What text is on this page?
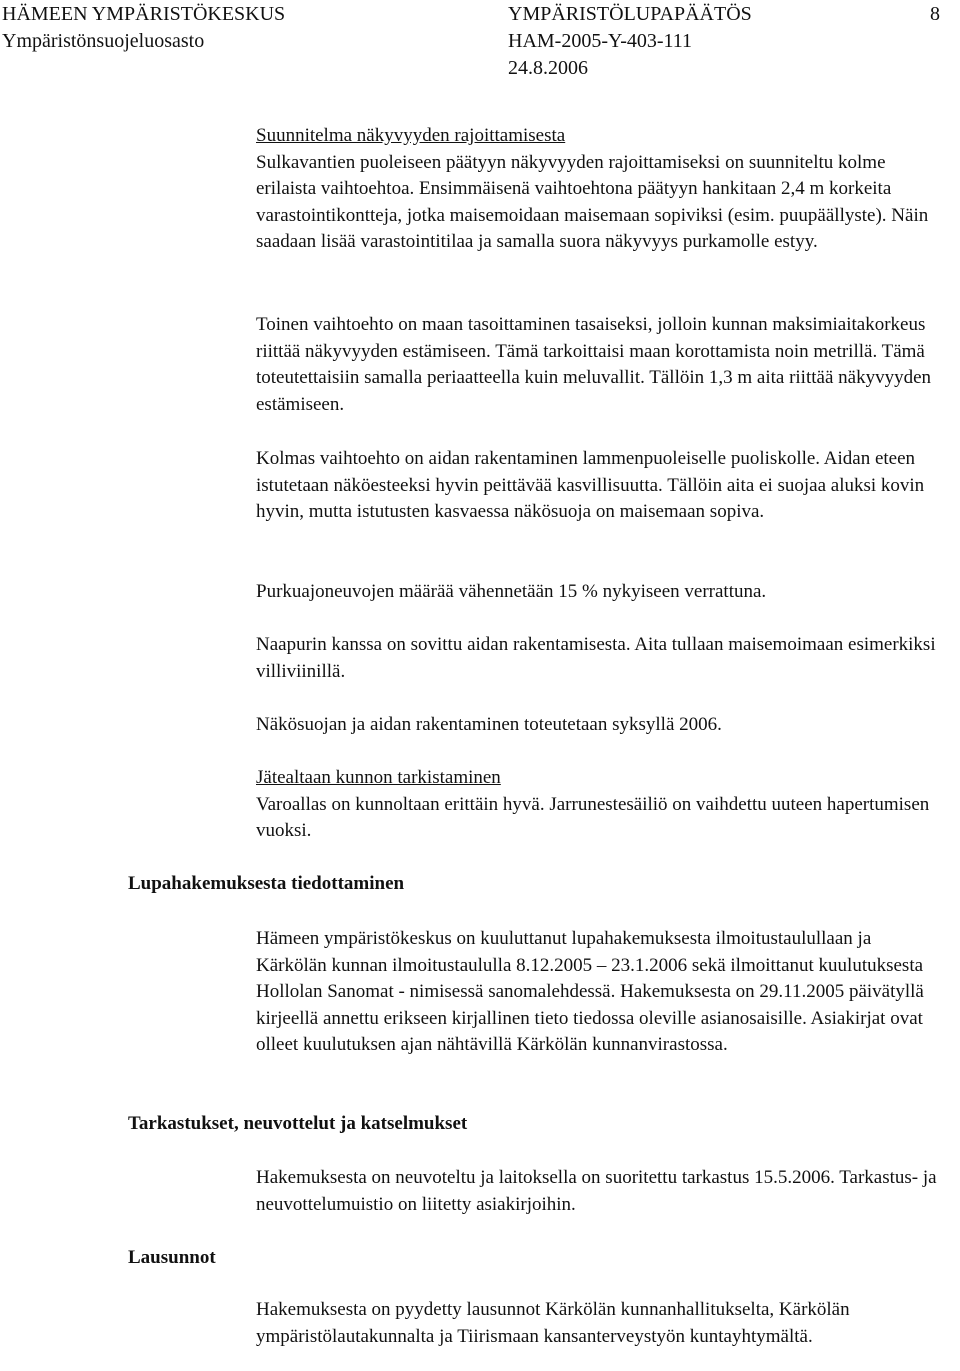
HÄMEEN YMPÄRISTÖKESKUS
Ympäristönsuojeluosasto
YMPÄRISTÖLUPAPÄÄTÖS
HAM-2005-Y-403-111
24.8.2006
8

Suunnitelma näkyvyyden rajoittamisesta

Sulkavantien puoleiseen päätyyn näkyvyyden rajoittamiseksi on suunniteltu kolme erilaista vaihtoehtoa. Ensimmäisenä vaihtoehtona päätyyn hankitaan 2,4 m korkeita varastointikontteja, jotka maisemoidaan maisemaan sopiviksi (esim. puupäällyste). Näin saadaan lisää varastointitilaa ja samalla suora näkyvyys purkamolle estyy.

Toinen vaihtoehto on maan tasoittaminen tasaiseksi, jolloin kunnan maksimiaitakorkeus riittää näkyvyyden estämiseen. Tämä tarkoittaisi maan korottamista noin metrillä. Tämä toteutettaisiin samalla periaatteella kuin meluvallit. Tällöin 1,3 m aita riittää näkyvyyden estämiseen.

Kolmas vaihtoehto on aidan rakentaminen lammenpuoleiselle puoliskolle. Aidan eteen istutetaan näköesteeksi hyvin peittävää kasvillisuutta. Tällöin aita ei suojaa aluksi kovin hyvin, mutta istutusten kasvaessa näkösuoja on maisemaan sopiva.

Purkuajoneuvojen määrää vähennetään 15 % nykyiseen verrattuna.

Naapurin kanssa on sovittu aidan rakentamisesta. Aita tullaan maisemoimaan esimerkiksi villiviinillä.

Näkösuojan ja aidan rakentaminen toteutetaan syksyllä 2006.

Jätealtaan kunnon tarkistaminen

Varoallas on kunnoltaan erittäin hyvä. Jarrunestesäiliö on vaihdettu uuteen hapertumisen vuoksi.

Lupahakemuksesta tiedottaminen

Hämeen ympäristökeskus on kuuluttanut lupahakemuksesta ilmoitustaulullaan ja Kärkölän kunnan ilmoitustaululla 8.12.2005 – 23.1.2006 sekä ilmoittanut kuulutuksesta Hollolan Sanomat - nimisessä sanomalehdessä. Hakemuksesta on 29.11.2005 päivätyllä kirjeellä annettu erikseen kirjallinen tieto tiedossa oleville asianosaisille. Asiakirjat ovat olleet kuulutuksen ajan nähtävillä Kärkölän kunnanvirastossa.

Tarkastukset, neuvottelut ja katselmukset

Hakemuksesta on neuvoteltu ja laitoksella on suoritettu tarkastus 15.5.2006. Tarkastus- ja neuvottelumuistio on liitetty asiakirjoihin.

Lausunnot

Hakemuksesta on pyydetty lausunnot Kärkölän kunnanhallitukselta, Kärkölän ympäristölautakunnalta ja Tiirismaan kansanterveystyön kuntayhtymältä.
